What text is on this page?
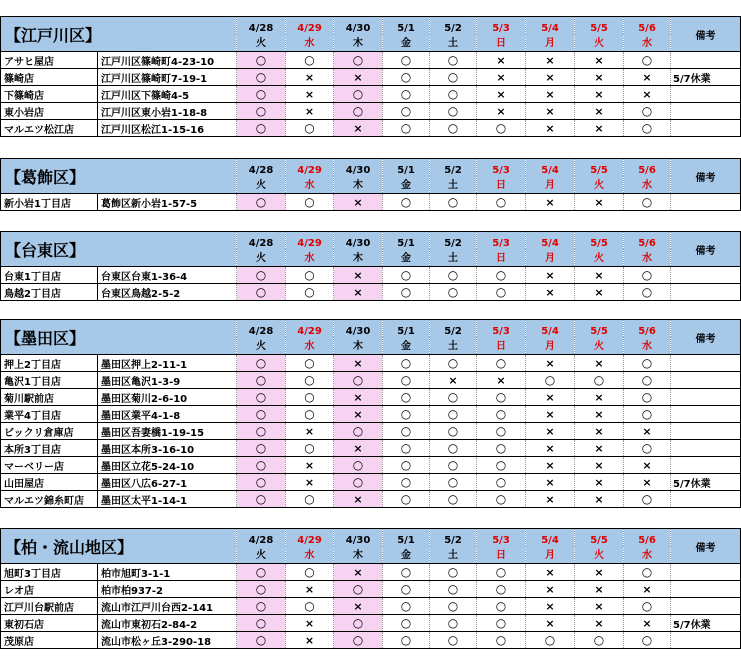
【江戸川区】		4/28	4/29	4/30	5/1	5/2	5/3	5/4	5/5	5/6	備考
		火	水	木	金	土	日	月	火	水	
アサヒ屋店	江戸川区篠崎町4-23-10	○	○	○	○	○	×	×	×	○	
篠崎店	江戸川区篠崎町7-19-1	○	×	×	○	○	×	×	×	×	5/7休業
下篠崎店	江戸川区下篠崎4-5	○	×	○	○	○	×	×	×	×	
東小岩店	江戸川区東小岩1-18-8	○	×	○	○	○	×	×	×	○	
マルエツ松江店	江戸川区松江1-15-16	○	○	×	○	○	○	×	×	○	
【葛飾区】		4/28	4/29	4/30	5/1	5/2	5/3	5/4	5/5	5/6	備考
		火	水	木	金	土	日	月	火	水	
新小岩1丁目店	葛飾区新小岩1-57-5	○	○	×	○	○	○	×	×	○	
【台東区】		4/28	4/29	4/30	5/1	5/2	5/3	5/4	5/5	5/6	備考
		火	水	木	金	土	日	月	火	水	
台東1丁目店	台東区台東1-36-4	○	○	×	○	○	○	×	×	○	
鳥越2丁目店	台東区鳥越2-5-2	○	○	×	○	○	○	×	×	○	
【墨田区】		4/28	4/29	4/30	5/1	5/2	5/3	5/4	5/5	5/6	備考
		火	水	木	金	土	日	月	火	水	
押上2丁目店	墨田区押上2-11-1	○	○	×	○	○	○	×	×	○	
亀沢1丁目店	墨田区亀沢1-3-9	○	○	○	○	×	×	○	○	○	
菊川駅前店	墨田区菊川2-6-10	○	○	×	○	○	○	×	×	○	
業平4丁目店	墨田区業平4-1-8	○	○	×	○	○	○	×	×	○	
ビックリ倉庫店	墨田区吾妻橋1-19-15	○	×	○	○	○	○	×	×	×	
本所3丁目店	墨田区本所3-16-10	○	○	×	○	○	○	×	×	○	
マーベリー店	墨田区立花5-24-10	○	×	○	○	○	○	×	×	×	
山田屋店	墨田区八広6-27-1	○	×	○	○	○	○	×	×	×	5/7休業
マルエツ錦糸町店	墨田区太平1-14-1	○	○	×	○	○	○	×	×	○	
【柏・流山地区】		4/28	4/29	4/30	5/1	5/2	5/3	5/4	5/5	5/6	備考
		火	水	木	金	土	日	月	火	水	
旭町3丁目店	柏市旭町3-1-1	○	○	×	○	○	○	×	×	○	
レオ店	柏市柏937-2	○	×	○	○	○	○	×	×	×	
江戸川台駅前店	流山市江戸川台西2-141	○	○	×	○	○	○	×	×	○	
東初石店	流山市東初石2-84-2	○	×	○	○	○	○	×	×	×	5/7休業
茂原店	流山市松ヶ丘3-290-18	○	×	○	○	○	○	○	○	○	
